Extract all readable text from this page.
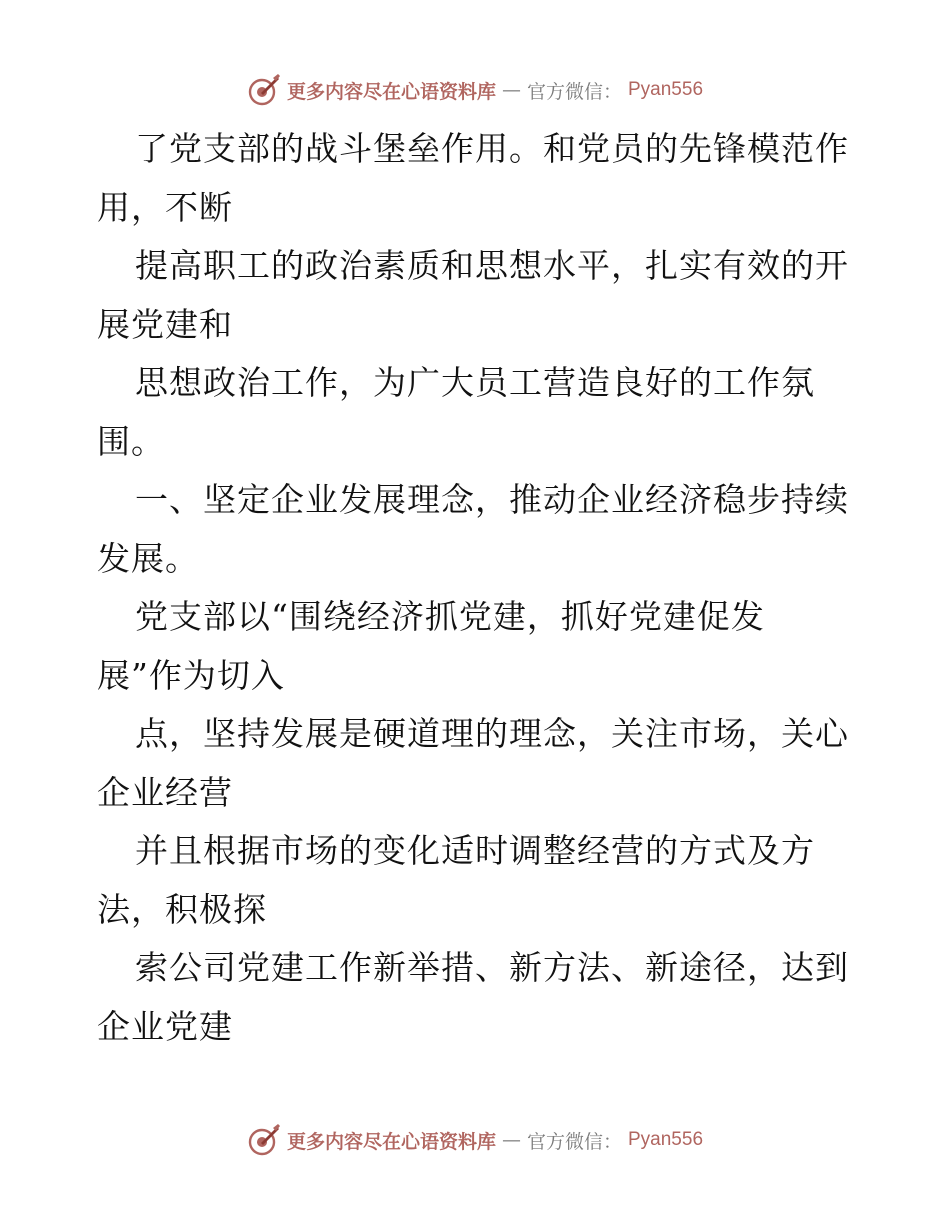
更多内容尽在心语资料库 — 官方微信： Pyan556
了党支部的战斗堡垒作用。和党员的先锋模范作
用，不断
提高职工的政治素质和思想水平，扎实有效的开
展党建和
思想政治工作，为广大员工营造良好的工作氛
围。
一、坚定企业发展理念，推动企业经济稳步持续
发展。
党支部以“围绕经济抓党建，抓好党建促发
展”作为切入
点，坚持发展是硬道理的理念，关注市场，关心
企业经营
并且根据市场的变化适时调整经营的方式及方
法，积极探
索公司党建工作新举措、新方法、新途径，达到
企业党建
更多内容尽在心语资料库 — 官方微信： Pyan556
